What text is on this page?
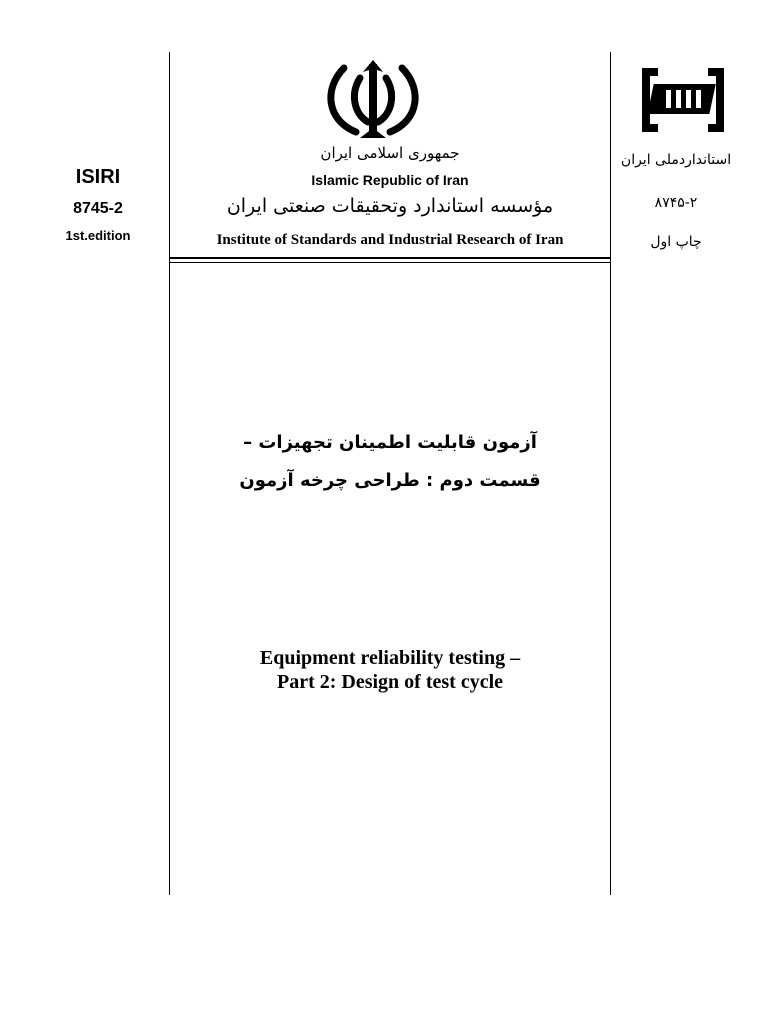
ISIRI
8745-2
1st.edition
جمهوری اسلامی ایران
Islamic Republic of Iran
مؤسسه استاندارد وتحقیقات صنعتی ایران
Institute of Standards and Industrial Research of Iran
استاندارد‌ملی ایران
۸۷۴۵-۲
چاپ اول
آزمون قابلیت اطمینان تجهیزات –
قسمت دوم : طراحی چرخه آزمون
Equipment reliability testing –
Part 2: Design of test cycle
